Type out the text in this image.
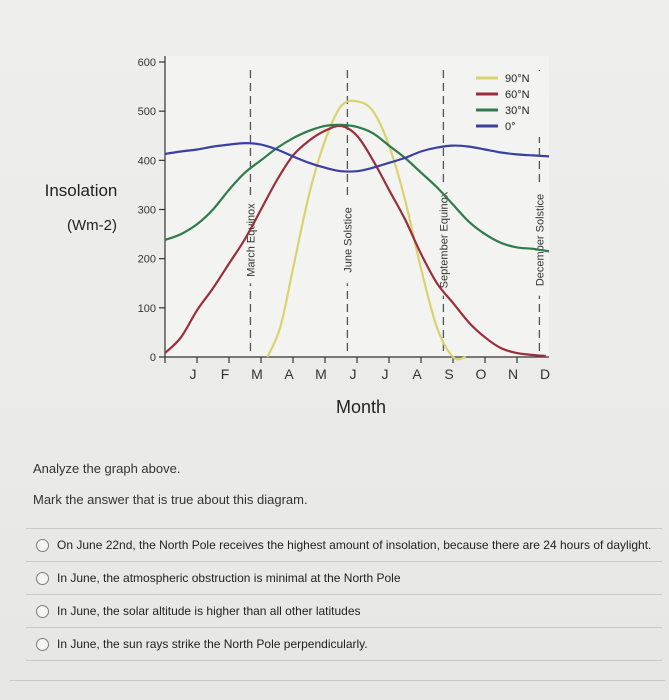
0
100
200
300
400
500
600
J F M A M J J A S O N D
Insolation
(Wm-2)
Month
March Equinox	June Solstice	September Equinox	December Solstice
90°N
60°N
30°N
0°
Analyze the graph above.
Mark the answer that is true about this diagram.
On June 22nd, the North Pole receives the highest amount of insolation, because there are 24 hours of daylight.
In June, the atmospheric obstruction is minimal at the North Pole
In June, the solar altitude is higher than all other latitudes
In June, the sun rays strike the North Pole perpendicularly.
